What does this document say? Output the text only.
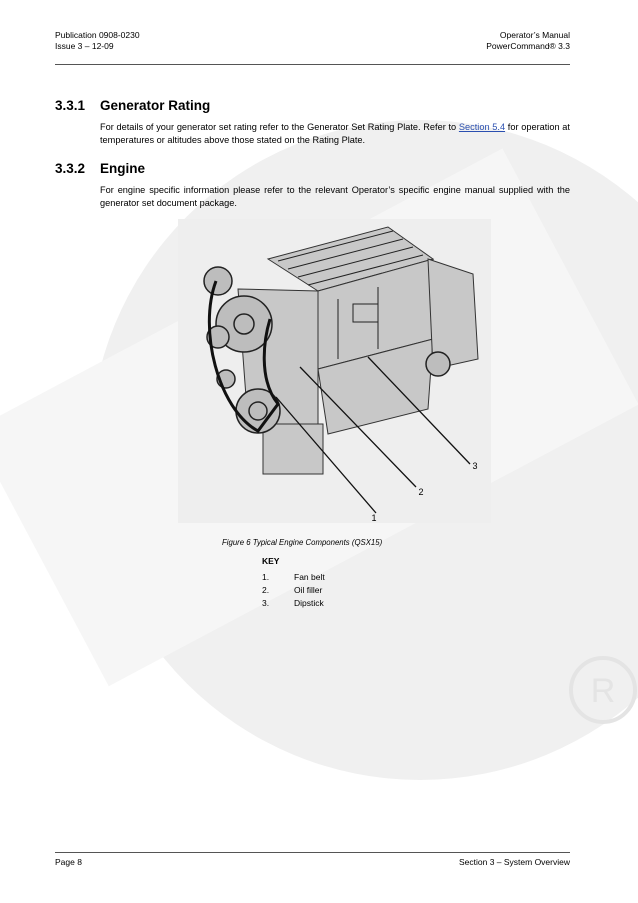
R
Publication 0908-0230
Issue 3 – 12-09
Operator’s Manual
PowerCommand® 3.3
3.3.1 Generator Rating
For details of your generator set rating refer to the Generator Set Rating Plate. Refer to Section 5.4 for operation at temperatures or altitudes above those stated on the Rating Plate.
3.3.2 Engine
For engine specific information please refer to the relevant Operator’s specific engine manual supplied with the generator set document package.
1
2
3
Figure 6 Typical Engine Components (QSX15)
KEY
1.	Fan belt
2.	Oil filler
3.	Dipstick
Page 8	Section 3 – System Overview
